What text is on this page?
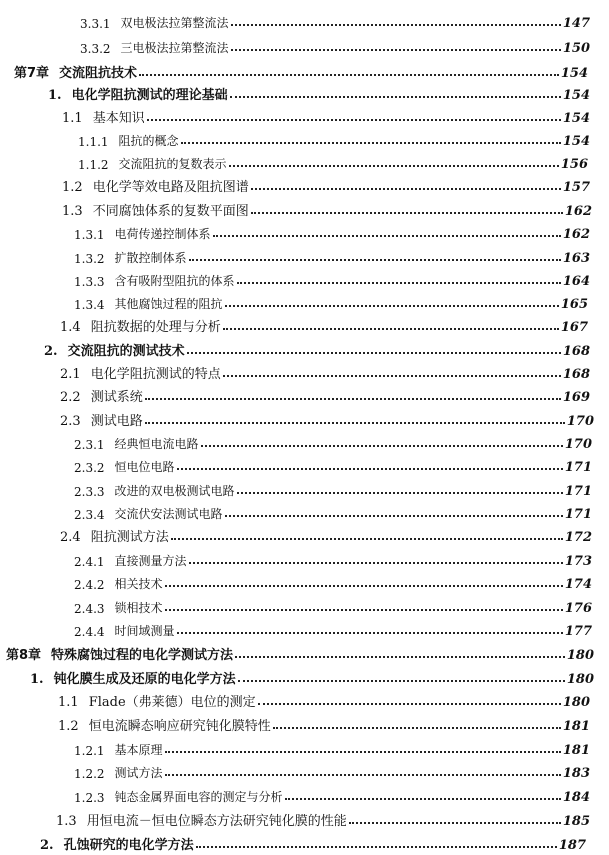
3.3.1 双电极法拉第整流法	147
3.3.2 三电极法拉第整流法	150
第7章 交流阻抗技术	154
1. 电化学阻抗测试的理论基础	154
1.1 基本知识	154
1.1.1 阻抗的概念	154
1.1.2 交流阻抗的复数表示	156
1.2 电化学等效电路及阻抗图谱	157
1.3 不同腐蚀体系的复数平面图	162
1.3.1 电荷传递控制体系	162
1.3.2 扩散控制体系	163
1.3.3 含有吸附型阻抗的体系	164
1.3.4 其他腐蚀过程的阻抗	165
1.4 阻抗数据的处理与分析	167
2. 交流阻抗的测试技术	168
2.1 电化学阻抗测试的特点	168
2.2 测试系统	169
2.3 测试电路	170
2.3.1 经典恒电流电路	170
2.3.2 恒电位电路	171
2.3.3 改进的双电极测试电路	171
2.3.4 交流伏安法测试电路	171
2.4 阻抗测试方法	172
2.4.1 直接测量方法	173
2.4.2 相关技术	174
2.4.3 锁相技术	176
2.4.4 时间域测量	177
第8章 特殊腐蚀过程的电化学测试方法	180
1. 钝化膜生成及还原的电化学方法	180
1.1 Flade（弗莱德）电位的测定	180
1.2 恒电流瞬态响应研究钝化膜特性	181
1.2.1 基本原理	181
1.2.2 测试方法	183
1.2.3 钝态金属界面电容的测定与分析	184
1.3 用恒电流－恒电位瞬态方法研究钝化膜的性能	185
2. 孔蚀研究的电化学方法	187
